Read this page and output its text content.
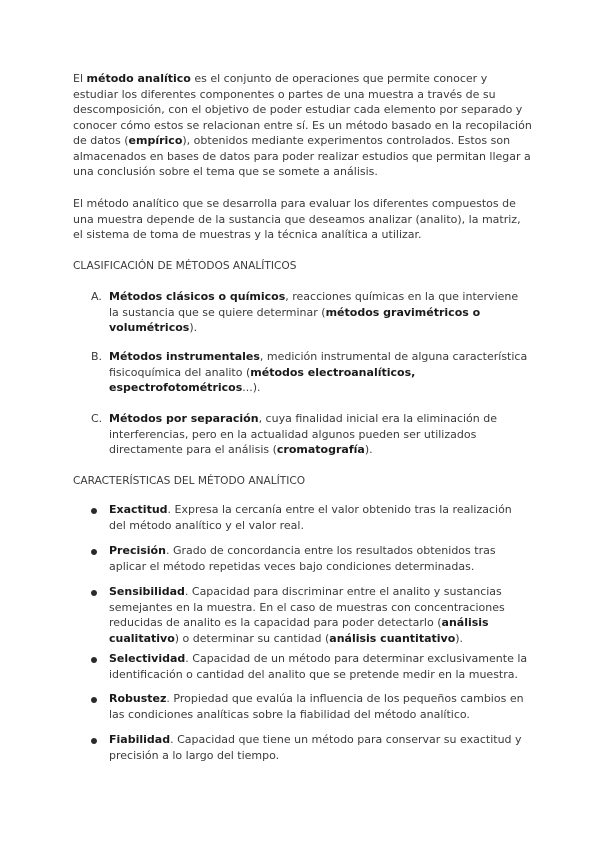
El método analítico es el conjunto de operaciones que permite conocer y estudiar los diferentes componentes o partes de una muestra a través de su descomposición, con el objetivo de poder estudiar cada elemento por separado y conocer cómo estos se relacionan entre sí. Es un método basado en la recopilación de datos (empírico), obtenidos mediante experimentos controlados. Estos son almacenados en bases de datos para poder realizar estudios que permitan llegar a una conclusión sobre el tema que se somete a análisis.

El método analítico que se desarrolla para evaluar los diferentes compuestos de una muestra depende de la sustancia que deseamos analizar (analito), la matriz, el sistema de toma de muestras y la técnica analítica a utilizar.

CLASIFICACIÓN DE MÉTODOS ANALÍTICOS

A. Métodos clásicos o químicos, reacciones químicas en la que interviene la sustancia que se quiere determinar (métodos gravimétricos o volumétricos).

B. Métodos instrumentales, medición instrumental de alguna característica fisicoquímica del analito (métodos electroanalíticos, espectrofotométricos...).

C. Métodos por separación, cuya finalidad inicial era la eliminación de interferencias, pero en la actualidad algunos pueden ser utilizados directamente para el análisis (cromatografía).

CARACTERÍSTICAS DEL MÉTODO ANALÍTICO

Exactitud. Expresa la cercanía entre el valor obtenido tras la realización del método analítico y el valor real.

Precisión. Grado de concordancia entre los resultados obtenidos tras aplicar el método repetidas veces bajo condiciones determinadas.

Sensibilidad. Capacidad para discriminar entre el analito y sustancias semejantes en la muestra. En el caso de muestras con concentraciones reducidas de analito es la capacidad para poder detectarlo (análisis cualitativo) o determinar su cantidad (análisis cuantitativo).

Selectividad. Capacidad de un método para determinar exclusivamente la identificación o cantidad del analito que se pretende medir en la muestra.

Robustez. Propiedad que evalúa la influencia de los pequeños cambios en las condiciones analíticas sobre la fiabilidad del método analítico.

Fiabilidad. Capacidad que tiene un método para conservar su exactitud y precisión a lo largo del tiempo.
